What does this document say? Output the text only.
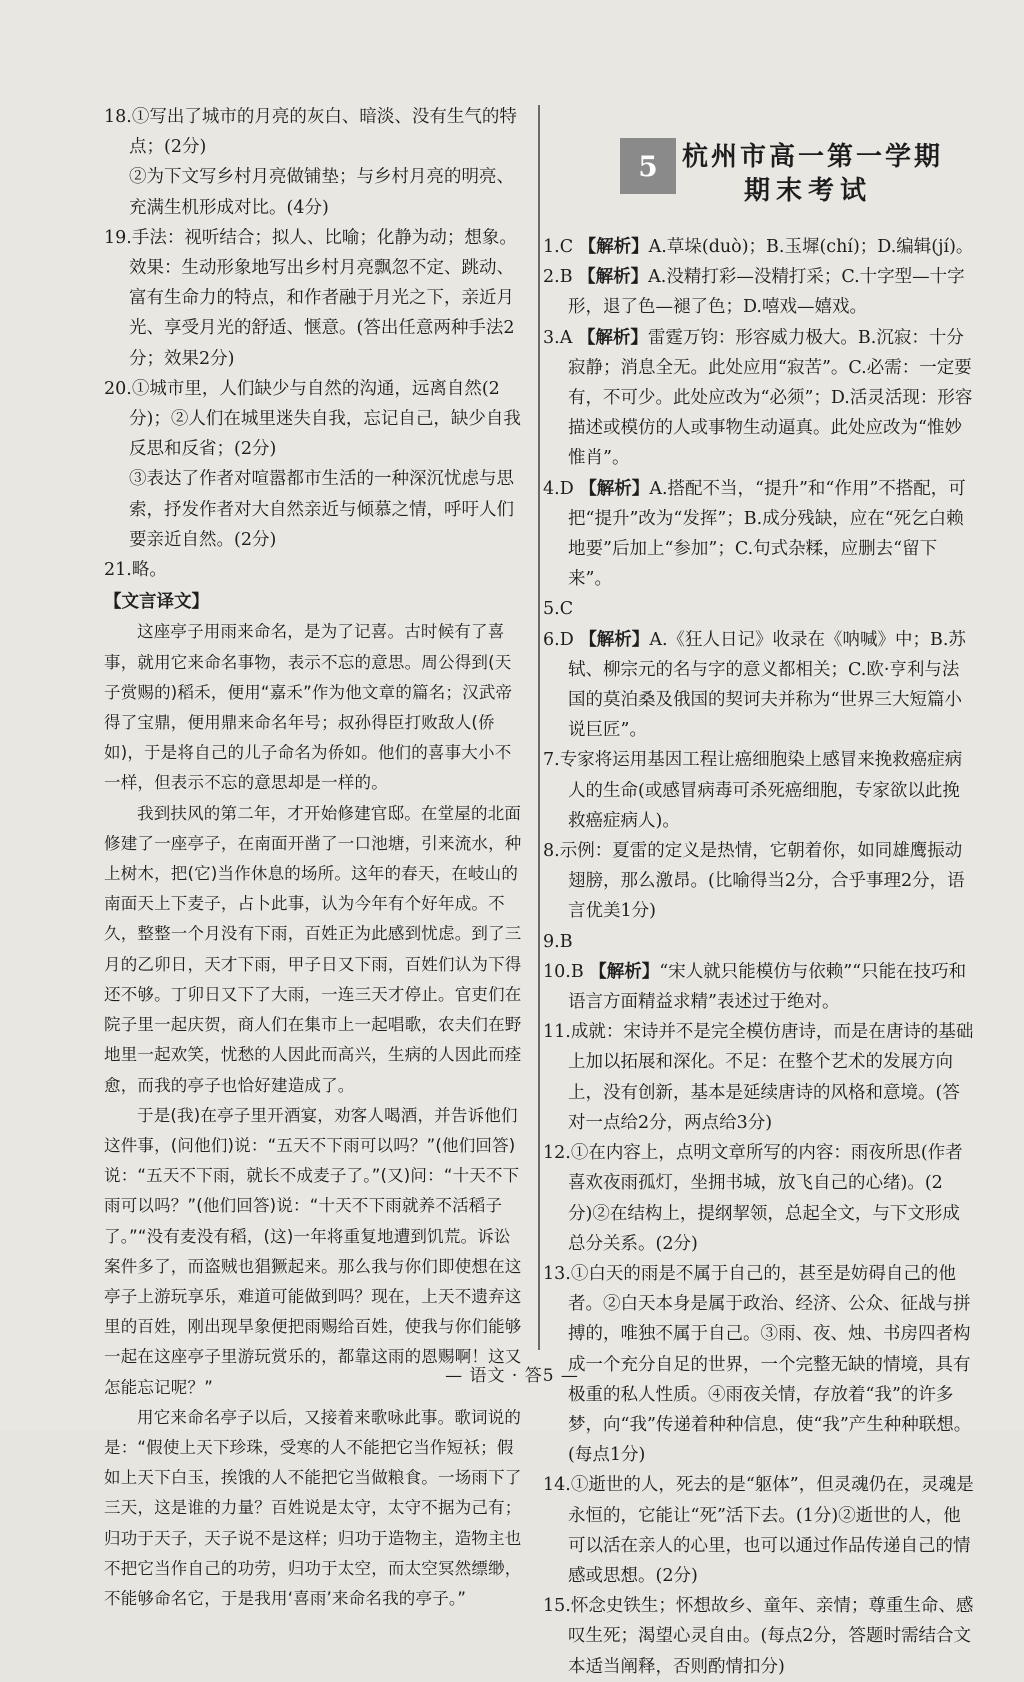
18.①写出了城市的月亮的灰白、暗淡、没有生气的特点；(2分)
②为下文写乡村月亮做铺垫；与乡村月亮的明亮、充满生机形成对比。(4分)

19.手法：视听结合；拟人、比喻；化静为动；想象。
效果：生动形象地写出乡村月亮飘忽不定、跳动、富有生命力的特点，和作者融于月光之下，亲近月光、享受月光的舒适、惬意。(答出任意两种手法2分；效果2分)

20.①城市里，人们缺少与自然的沟通，远离自然(2分)；②人们在城里迷失自我，忘记自己，缺少自我反思和反省；(2分)
③表达了作者对喧嚣都市生活的一种深沉忧虑与思索，抒发作者对大自然亲近与倾慕之情，呼吁人们要亲近自然。(2分)

21.略。

【文言译文】

这座亭子用雨来命名，是为了记喜。古时候有了喜事，就用它来命名事物，表示不忘的意思。周公得到(天子赏赐的)稻禾，便用“嘉禾”作为他文章的篇名；汉武帝得了宝鼎，便用鼎来命名年号；叔孙得臣打败敌人(侨如)，于是将自己的儿子命名为侨如。他们的喜事大小不一样，但表示不忘的意思却是一样的。

我到扶风的第二年，才开始修建官邸。在堂屋的北面修建了一座亭子，在南面开凿了一口池塘，引来流水，种上树木，把(它)当作休息的场所。这年的春天，在岐山的南面天上下麦子，占卜此事，认为今年有个好年成。不久，整整一个月没有下雨，百姓正为此感到忧虑。到了三月的乙卯日，天才下雨，甲子日又下雨，百姓们认为下得还不够。丁卯日又下了大雨，一连三天才停止。官吏们在院子里一起庆贺，商人们在集市上一起唱歌，农夫们在野地里一起欢笑，忧愁的人因此而高兴，生病的人因此而痊愈，而我的亭子也恰好建造成了。

于是(我)在亭子里开酒宴，劝客人喝酒，并告诉他们这件事，(问他们)说：“五天不下雨可以吗？”(他们回答)说：“五天不下雨，就长不成麦子了。”(又)问：“十天不下雨可以吗？”(他们回答)说：“十天不下雨就养不活稻子了。”“没有麦没有稻，(这)一年将重复地遭到饥荒。诉讼案件多了，而盗贼也猖獗起来。那么我与你们即使想在这亭子上游玩享乐，难道可能做到吗？现在，上天不遗弃这里的百姓，刚出现旱象便把雨赐给百姓，使我与你们能够一起在这座亭子里游玩赏乐的，都靠这雨的恩赐啊！这又怎能忘记呢？”

用它来命名亭子以后，又接着来歌咏此事。歌词说的是：“假使上天下珍珠，受寒的人不能把它当作短袄；假如上天下白玉，挨饿的人不能把它当做粮食。一场雨下了三天，这是谁的力量？百姓说是太守，太守不据为己有；归功于天子，天子说不是这样；归功于造物主，造物主也不把它当作自己的功劳，归功于太空，而太空冥然缥缈，不能够命名它，于是我用‘喜雨’来命名我的亭子。”

5 杭州市高一第一学期
期末考试

1.C 【解析】A.草垛(duò)；B.玉墀(chí)；D.编辑(jí)。

2.B 【解析】A.没精打彩—没精打采；C.十字型—十字形，退了色—褪了色；D.嘻戏—嬉戏。

3.A 【解析】雷霆万钧：形容威力极大。B.沉寂：十分寂静；消息全无。此处应用“寂苦”。C.必需：一定要有，不可少。此处应改为“必须”；D.活灵活现：形容描述或模仿的人或事物生动逼真。此处应改为“惟妙惟肖”。

4.D 【解析】A.搭配不当，“提升”和“作用”不搭配，可把“提升”改为“发挥”；B.成分残缺，应在“死乞白赖地要”后加上“参加”；C.句式杂糅，应删去“留下来”。

5.C

6.D 【解析】A.《狂人日记》收录在《呐喊》中；B.苏轼、柳宗元的名与字的意义都相关；C.欧·亨利与法国的莫泊桑及俄国的契诃夫并称为“世界三大短篇小说巨匠”。

7.专家将运用基因工程让癌细胞染上感冒来挽救癌症病人的生命(或感冒病毒可杀死癌细胞，专家欲以此挽救癌症病人)。

8.示例：夏雷的定义是热情，它朝着你，如同雄鹰振动翅膀，那么激昂。(比喻得当2分，合乎事理2分，语言优美1分)

9.B

10.B 【解析】“宋人就只能模仿与依赖”“只能在技巧和语言方面精益求精”表述过于绝对。

11.成就：宋诗并不是完全模仿唐诗，而是在唐诗的基础上加以拓展和深化。不足：在整个艺术的发展方向上，没有创新，基本是延续唐诗的风格和意境。(答对一点给2分，两点给3分)

12.①在内容上，点明文章所写的内容：雨夜所思(作者喜欢夜雨孤灯，坐拥书城，放飞自己的心绪)。(2分)②在结构上，提纲挈领，总起全文，与下文形成总分关系。(2分)

13.①白天的雨是不属于自己的，甚至是妨碍自己的他者。②白天本身是属于政治、经济、公众、征战与拼搏的，唯独不属于自己。③雨、夜、烛、书房四者构成一个充分自足的世界，一个完整无缺的情境，具有极重的私人性质。④雨夜关情，存放着“我”的许多梦，向“我”传递着种种信息，使“我”产生种种联想。(每点1分)

14.①逝世的人，死去的是“躯体”，但灵魂仍在，灵魂是永恒的，它能让“死”活下去。(1分)②逝世的人，他可以活在亲人的心里，也可以通过作品传递自己的情感或思想。(2分)

15.怀念史铁生；怀想故乡、童年、亲情；尊重生命、感叹生死；渴望心灵自由。(每点2分，答题时需结合文本适当阐释，否则酌情扣分)

— 语文 · 答5 —
